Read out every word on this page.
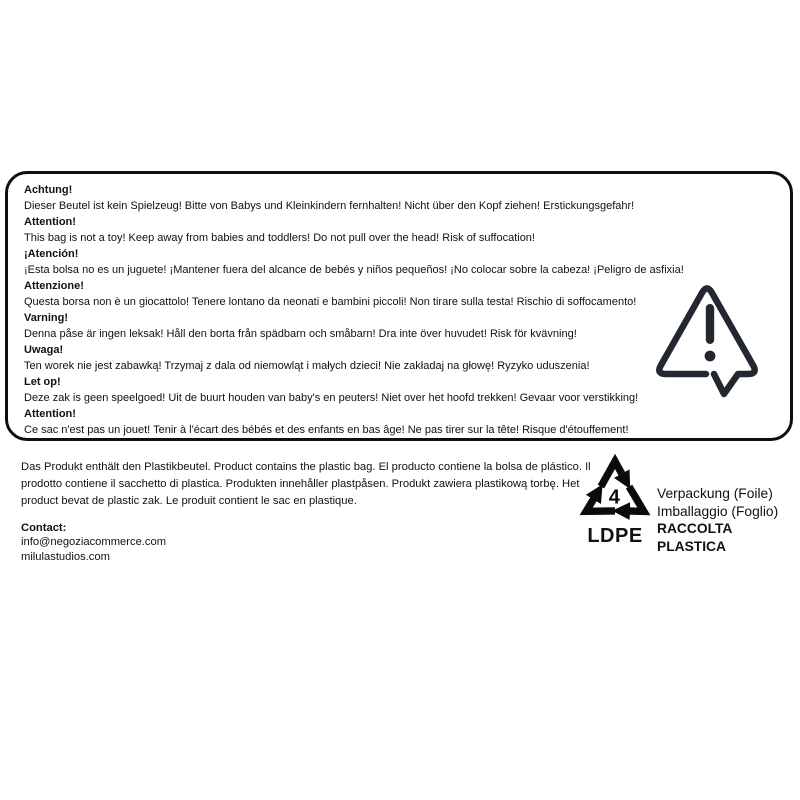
Achtung!
Dieser Beutel ist kein Spielzeug! Bitte von Babys und Kleinkindern fernhalten! Nicht über den Kopf ziehen! Erstickungsgefahr!
Attention!
This bag is not a toy! Keep away from babies and toddlers! Do not pull over the head! Risk of suffocation!
¡Atención!
¡Esta bolsa no es un juguete! ¡Mantener fuera del alcance de bebés y niños pequeños! ¡No colocar sobre la cabeza! ¡Peligro de asfixia!
Attenzione!
Questa borsa non è un giocattolo! Tenere lontano da neonati e bambini piccoli! Non tirare sulla testa! Rischio di soffocamento!
Varning!
Denna påse är ingen leksak! Håll den borta från spädbarn och småbarn! Dra inte över huvudet! Risk för kvävning!
Uwaga!
Ten worek nie jest zabawką! Trzymaj z dala od niemowląt i małych dzieci! Nie zakładaj na głowę! Ryzyko uduszenia!
Let op!
Deze zak is geen speelgoed! Uit de buurt houden van baby's en peuters! Niet over het hoofd trekken! Gevaar voor verstikking!
Attention!
Ce sac n'est pas un jouet! Tenir à l'écart des bébés et des enfants en bas âge! Ne pas tirer sur la tête! Risque d'étouffement!
Das Produkt enthält den Plastikbeutel. Product contains the plastic bag. El producto contiene la bolsa de plástico. Il prodotto contiene il sacchetto di plastica. Produkten innehåller plastpåsen. Produkt zawiera plastikową torbę. Het product bevat de plastic zak. Le produit contient le sac en plastique.
Contact:
info@negoziacommerce.com
milulastudios.com
4
LDPE
Verpackung (Foile)
Imballaggio (Foglio)
RACCOLTA PLASTICA
